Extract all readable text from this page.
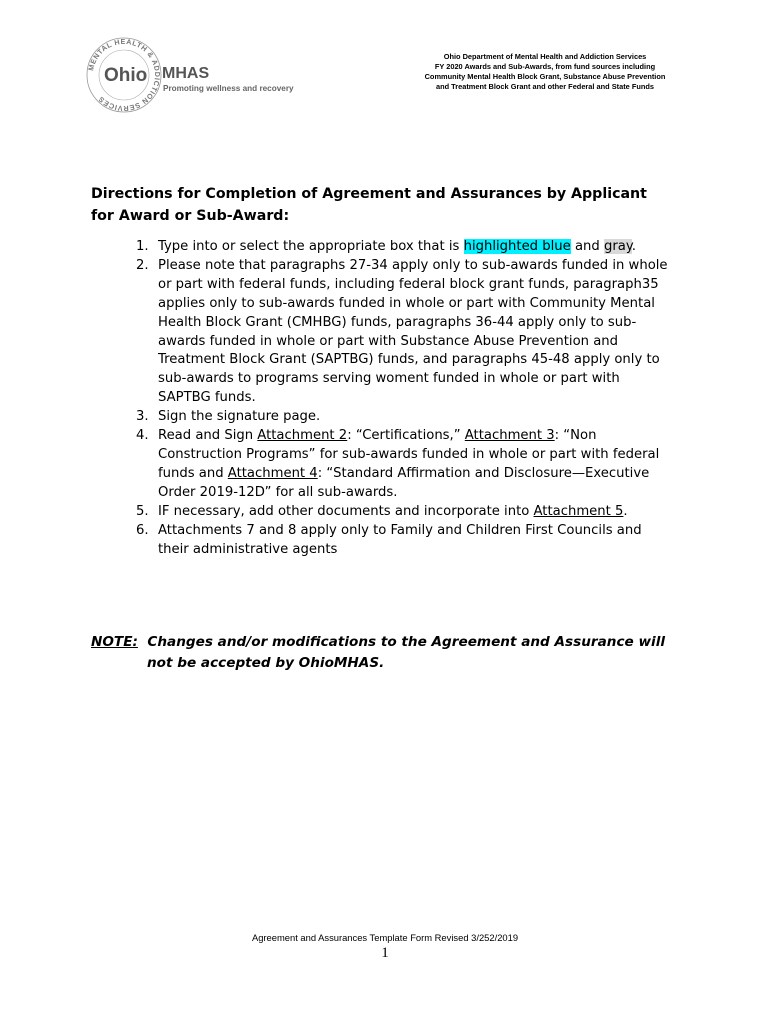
MENTAL HEALTH & ADDICTION SERVICES
Ohio MHAS
Promoting wellness and recovery
Ohio Department of Mental Health and Addiction Services
FY 2020 Awards and Sub-Awards, from fund sources including
Community Mental Health Block Grant, Substance Abuse Prevention
and Treatment Block Grant and other Federal and State Funds
Directions for Completion of Agreement and Assurances by Applicant
for Award or Sub-Award:
1. Type into or select the appropriate box that is highlighted blue and gray.
2. Please note that paragraphs 27-34 apply only to sub-awards funded in whole
or part with federal funds, including federal block grant funds, paragraph35
applies only to sub-awards funded in whole or part with Community Mental
Health Block Grant (CMHBG) funds, paragraphs 36-44 apply only to sub-
awards funded in whole or part with Substance Abuse Prevention and
Treatment Block Grant (SAPTBG) funds, and paragraphs 45-48 apply only to
sub-awards to programs serving woment funded in whole or part with
SAPTBG funds.
3. Sign the signature page.
4. Read and Sign Attachment 2: “Certifications,” Attachment 3: “Non
Construction Programs” for sub-awards funded in whole or part with federal
funds and Attachment 4: “Standard Affirmation and Disclosure—Executive
Order 2019-12D” for all sub-awards.
5. IF necessary, add other documents and incorporate into Attachment 5.
6. Attachments 7 and 8 apply only to Family and Children First Councils and
their administrative agents
NOTE:  Changes and/or modifications to the Agreement and Assurance will
not be accepted by OhioMHAS.
Agreement and Assurances Template Form Revised 3/252/2019
1
